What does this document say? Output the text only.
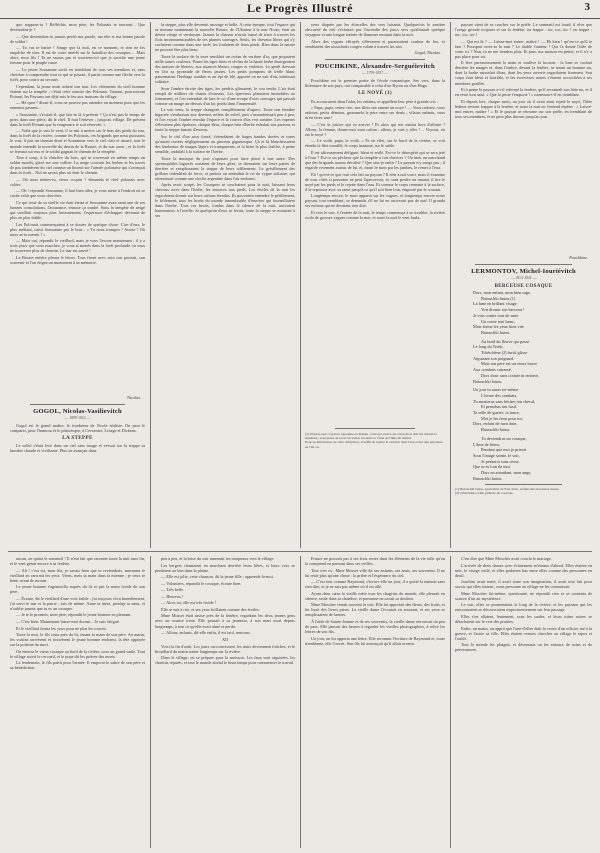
Le Progrès Illustré	3

quo suppose-tu ? Réfléchis, mon père, les Polonais te tuerront... Que deviendrai-je ?

— Que deviendras-tu jamais perdu ma parole, ma tête et ma bonne parole de soldat !

— Tu vas te battre ! Songe que la nuit, en ce moment, et rien ne les empêche de tirer. Il est de votre intérêt sur le bataillon des cosaques… Mais alors, mon fils ! Ta ne sauras pas et souviens-toi que je sacrifie une jeune femme pour le peuple russe.

— Le jeune Sousanine sortit en tremblant de tous ses membres et, sans chercher à comprendre tout ce qui se passait, il partit comme une flèche vers la forêt, pour courir au secours.

Cependant, la jeune avait acheté son tour. Les vêtements du vieil homme étaient sur la tempête ; c'était cette sinistre des Polonais. Tauraut, poursuivant Poirant, les Paysans ont déjà mis le feu aux maisons du village.

— Hé quoi ? disait-il, vous ne pouvez pas attendre un moment pour que les ennemis passent...

« Sousanine, s'écriait-il, que fais-tu là à présent ? Ça n'est pas le temps de prier, dans une pièce, dit le chef. Il faut l'enlever ; jusqu'au village. De présent dans la forêt Poirant que la vengeance te soit réservée. »

— Voilà que je suis le vent, il se mit à mettre sur le bras des pieds du tsar, dans la forêt de la rivière, comme les Polonais, ces brigands que nous puissions le voir, il prit un chemin droit et Sousanine vers le ciel clair et assuré, tout le monde entendit la nouvelle du destin de la Russie, et du tsar aussi ; et la forêt se fermait sur eux et le soldat gagnait le chemin de la tempête.

Tout à coup, à la clairière du bois, qui se traversait en même temps un soldat mordit, glacé sur une colline. La neige couvrait les herbes et les traces de pas tombèrent du ciel comme un linceul sur l'armée polonaise qui s'avançait dans la forêt... Nul ne savait plus où était le chemin.

— Où nous mènes-tu, vieux coquin ? demanda le chef polonais avec colère.

— Oh ! répondit Sousanine, il faut bien aller, je vous mène à l'endroit où se cache celui que vous cherchez.

Ce qui reste de sa vieille vie était éteint et Sousanine avait senti une de ses bonnes consolations, l'assurance, ensuite ça tombé. Sous la tempête de neige qui soufflait toujours plus furieusement, l'espérance d'échapper devenait de plus en plus faible.

Les Polonais commençaient à se douter de quelque chose. L'un d'eux, le plus méfiant, saisit Sousanine par le bras : « Tu nous trompes ! Avoue ! Où nous as-tu menés ? »

— Mais oui, répondit le vieillard, mais je vous l'avoue maintenant : il y a trois jours que vous marchez, je vous ai menés dans la forêt profonde où vous ne trouverez plus de chemin. Le tsar est sauvé !

La Russie entière pleura le héros. Tous firent avec soin son portrait, son souvenir et l'on érigea un monument à sa mémoire.

Nicolas.
GOGOL, Nicolas-Vasilievitch
— 1809-1852 —

Gogol est le grand maître, le fondateur de l'école réaliste. On peut le comparer, pour l'humour et le pittoresque, à Cervantes, Lesage et Dickens.

LA STEPPE

Le soleil s'était levé dans un ciel sans nuage et versait sur la steppe sa lumière chaude et vivifiante. Plus on avançait dans

la steppe, plus elle devenait sauvage et belle. A cette époque, tout l'espace qui se nomme maintenant la nouvelle Russie, de l'Ukraine à la mer Noire, était un désert vierge et verdoyant. Jamais la charrue n'avait laissé de trace à travers les flots incommensurables de ses plantes sauvages. Seuls, les chevaux libres qui s'y cachaient comme dans une forêt, les foulaient de leurs pieds. Rien dans la nature ne pouvait être plus beau.

Toute la surface de la terre semblait un océan de verdure d'or, que piquaient mille autres couleurs. Parmi les tiges fines et sèches de la haute herbe émergeaient des masses de bleuets, aux nuances bleues, rouges et violettes. Le genêt dressait en l'air sa pyramide de fleurs jaunes. Les petits pompons de trèfle blanc parsemaient l'herbage sombre et un épi de blé, apporté on ne sait d'où, mûrissait solitaire.

Sous l'ombre étroite des tiges, les perdrix glissaient, le cou tendu. L'air était rempli de milliers de chants d'oiseaux. Les éperviers planaient immobiles au firmament, et l'on entendait de loin le cri d'une troupe d'oies sauvages qui passait comme un nuage au-dessus d'un lac perdu dans l'immensité.

Le soir venu, la steppe changeait complètement d'aspect. Toute son étendue bigarrée s'embrasait aux derniers reflets du soleil, puis s'assombrissait peu à peu, et l'on voyait l'ombre envahir l'espace et la couvrir d'un vert sombre. Les vapeurs s'élevaient plus épaisses, chaque fleur, chaque brin d'herbe exhalait son parfum, et toute la steppe fumait d'encens.

Sur le ciel d'un azur foncé, s'étendaient de larges bandes dorées et roses qu'aurait tracées négligemment un pinceau gigantesque. Çà et là blanchissaient des lambeaux de nuages légers et transparents, et la brise la plus fraîche, à peine sensible, ondulait à la surface de l'herbe.

Toute la musique du jour s'apaisait pour faire place à une autre. Des spermophiles bigarrés sortaient de leurs gîtes, se dressaient sur leurs pattes de derrière et remplissaient la steppe de leurs sifflements. Le grésillement des grillons redoublait de force, et parfois on entendait le cri du cygne solitaire, qui retentissait comme une cloche argentine dans l'air endormi.

Après avoir soupé, les Cosaques se couchaient pour la nuit, laissant leurs chevaux errer dans l'herbe, les entraves aux pieds. Les étoiles de la nuit les regardaient dormir sur leurs caftans étendus. Ils pouvaient entendre le pétillement, le frôlement, tous les bruits du monde innombrable d'insectes qui fourmillaient dans l'herbe. Tous ces bruits, fondus dans le silence de la nuit, arrivaient harmonieux à l'oreille. Si quelqu'un d'eux se levait, toute la steppe se montrait à ses

yeux diaprée par les étincelles des vers luisants. Quelquefois le sombre obscurité du ciel s'éclairait par l'incendie des joncs secs qu'allumait quelque voyageur et une longue traînée de flammes montait dans la nuit.

Alors des cygnes effrayés s'élevaient et paraissaient couleur de feu, et semblaient des mouchoirs rouges volant à travers les airs.

Gogol, Nicolas.
POUCHKINE, Alexandre-Serguéievitch
— 1799-1837 —

Pouchkine est le premier poète de l'école romantique. Ses vers, dans la littérature de son pays, ont comparable à celui d'un Byron ou d'un Hugo.

LE NOYÉ (1)

Ils accoururent dans l'isba, les enfants, et appellent leur père à grands cris :

« Papa, papa, venez vite, nos filets ont amené un noyé ! — Vous radotez, vous radotez, petits démons, grommela le père entre ses dents ; vilains enfants, vous m'en ferez tant !

— C'est la justice qui va arriver ! Et alors qui me mettra hors d'affaire ? Allons, la femme, donne-moi mon caftan ; allons, je vais y aller !… Voyons, où est le noyé ?

— Le voilà, papa, le voilà. » Et en effet, sur le bord de la rivière, se voit étendu le filet mouillé, le corps inanimé, sur le sable.

Il est affreusement défiguré, bleui et enflé. Est-ce le désespéré qui se sera jeté à l'eau ? Est-ce un pêcheur que la tempête a fait chavirer ? Ou bien un marchand que des brigands auront dévalisé ? Que sais-je enfin ? Le paysan n'y songe pas ; il regarde vivement autour de lui, et, tirant le mort par les jambes, le remet à l'eau.

Eh ! qu'est-ce que tout cela fait au paysan ? Il n'en a nul souci, mais il examine de tous côtés si personne ne peut l'apercevoir, et, sans perdre un instant, il tire le noyé par les pieds et le rejette dans l'eau. Et comme le corps remonte à la surface, il le repousse avec sa rame jusqu'à ce qu'il soit bien loin, emporté par le courant.

Longtemps encore, le mort apparut sur les vagues, et longtemps encore notre paysan, tout tremblant, se demanda s'il ne lui en arriverait pas de mal. Il gronda ses enfants qui ne devaient rien dire.

Et vers le soir, à l'entrée de la nuit, le temps commença à se troubler, la rivière roula de grosses vagues comme la mer, et toute la nuit le vent hurla.

(1) D'après une croyance répandue en Russie, celui qui trouve un corps mort doit lui donner la sépulture, sous peine de recevoir toutes les nuits la visite de l'âme du défunt.
Pour se débarrasser de cette obligation, il suffit de rejeter le cadavre dans l'eau avant que personne ne l'ait vu.

paysan vient de se coucher sur le poêle. Le sommeil est lourd, il rêve que l'orage gronde toujours et sur la fenêtre, on frappe : toc, toc, toc ! on frappe : toc, toc, toc !

— Qui est là ? — Laisse-moi entrer, maître ! — Eh bien ! qu'est-ce qu'il te faut ? Pourquoi erres-tu la nuit ? Le diable t'amène ! Qui t'a donné l'idée de venir ici ? Non, tu ne me tiendras plus. Et puis, ma maison est petite, et il n'y a pas place pour toi.

Il lève paresseusement la main et soulève la lucarne : la lune se cachait derrière les nuages et, dans l'ombre, devant la fenêtre, se tenait un homme nu, dont la barbe ruisselait d'eau, dont les yeux ouverts regardaient fixement. Son corps était bleui et horrible, et les écrevisses noires s'étaient accrochées à ses membres gonflés.

Et à peine le paysan a-t-il refermé la fenêtre, qu'il reconnaît son hôte nu, et il en reste tout saisi. « Que la peste t'emporte ! » murmura-t-il en tremblant.

Et depuis lors, chaque mois, au jour où il avait ainsi rejeté le noyé, l'hôte hideux revient frapper à la fenêtre, et toute la nuit on l'entend répéter : « Laisse-moi entrer, maître ! » Et le paysan se retourne sur son poêle, en tremblant de tous ses membres, et ne peut plus dormir jusqu'au jour.

Pouchkine.
LERMONTOV, Michel-Iouriévitch
— 1814-1841 —
BERCEUSE COSAQUE
Dors, mon enfant, mon bien sage,
Baïouchki baïou (1)
La lune en brillant visage
Voit dormir ton berceau !
Je vais conter tout de suite
Un conte tout beau,
Mais ferme les yeux bien vite
Baïouchki baïou.
Au bord du fleuve qui passe
Le long du Terek,
Tchétchène (2) furtif glisse
Aiguisant son poignard.
Mais ton père est un vieux brave
Aux combats cuirassé,
Dors donc sans crainte ni entrave,
Baïouchki baïou.
Un jour tu auras toi-même
L'heure des combats,
Tu monteras sans hésiter ton cheval,
Et prendras ton fusil.
Ta selle de guerre, ta lance,
Moi je les ferai pour toi,
Dors, enfant de mon âme,
Baïouchki baïou.
Tu deviendras un cosaque,
L'âme de héros,
Pendant que moi je prierai
Sous l'image sainte, le soir,
Je penserai sans cesse,
Que tu es loin de moi.
Dors en attendant, mon ange,
Baïouchki baïou.
(1) Baïouchki baïou, équivalent de Fais dodo, refrain des berceuses russes.
(2) Tchétchène, tribu pillarde du Caucase.

aucun, ne quitta le sommeil ! Il n'eut fait que raconter toute la nuit sans fin, et le vent gémit encore à sa fenêtre.

— Ah ! c'est toi, mon fils, je savais bien que tu reviendrais, murmura le vieillard en ouvrant les yeux. Viens, mets ta main dans la mienne ; je veux te bénir avant de mourir.

Le jeune homme s'agenouilla auprès du lit et prit la main froide de son père.

— Écoute, dit le vieillard d'une voix faible : j'ai toujours vécu honnêtement, j'ai servi le tsar et la patrie ; fais de même. Aime ta mère, protège ta sœur, et n'oublie jamais que tu es un cosaque.

— Je te le promets, mon père, répondit le jeune homme en pleurant.

— C'est bien. Maintenant laisse-moi dormir... Je suis fatigué.

Et le vieillard ferma les yeux pour ne plus les rouvrir.

Toute la nuit, le fils resta près du lit, tenant la main de son père. Au matin, les voisins arrivèrent et trouvèrent le jeune homme endormi, la tête appuyée sur la poitrine du mort.

On enterra le vieux cosaque au bord de la rivière, sous un grand saule. Tout le village suivit le cercueil, et le pope dit les prières des morts.

Le lendemain, le fils partit pour l'armée. Il emporta le sabre de son père et sa bénédiction.

peu à peu, et la brise du soir ramenait les troupeaux vers le village.

Les bergers chantaient en marchant derrière leurs bêtes, et leurs voix se perdaient au loin dans la plaine.

— Elle est jolie, cette chanson, dit la jeune fille ; apprends-la-moi.

— Volontiers, répondit le cosaque, écoute bien.

— Très belle.

— Heureux !

— Alors toi, elle est très froide !

Elle se mit à rire, et ses yeux brillaient comme des étoiles.

Mme Mosset était assise près de la fenêtre, regardant les deux jeunes gens avec un sourire triste. Elle pensait à sa jeunesse, à son mari mort depuis longtemps, à tout ce qu'elle avait aimé et perdu.

— Allons, enfants, dit-elle enfin, il est tard, rentrons.

XII

Voici la fin d'août. Les jours raccourcissent, les nuits deviennent fraîches, et le brouillard du matin traîne longtemps sur la rivière.

Dans le village, on se prépare pour la moisson. Les faux sont aiguisées, les chariots réparés, et tout le monde attend le beau temps pour commencer le travail.

France ne pouvait pas à ses frais rester dans les éléments de la vie telle qu'on la comprend en pensant dans ses veilles.

Tout s'en va : Mme Mosset ville dit ses enfants, ses amis, ses souvenirs. Il ne lui reste plus qu'une chose : la prière et l'espérance du ciel.

— C'est tout comme Raymond, s'écria-t-elle un jour, il a quitté la maison sans rien dire, et je ne sais pas même où il est allé.

Ayant dans cœur la vieille mère tous les chagrins du monde, elle pleurait en silence, seule dans sa chambre, et personne ne savait sa douleur.

Mme Moscher venait souvent la voir. Elle lui apportait des fleurs, des fruits, et lui lisait des livres pieux. La vieille dame l'écoutait en souriant, et ses yeux se remplissaient de larmes.

À l'aide de Sainte-Jeanne et de ses souvenirs, la vieille dame retrouvait un peu de paix. Elle passait des heures à regarder les vieilles photographies, à relire les lettres de son fils.

Un jour, on lui apporta une lettre. Elle reconnut l'écriture de Raymond et, toute tremblante, elle l'ouvrit. Son fils lui annonçait qu'il allait revenir.

C'est dire que Mme Moscher avait conclu le mariage.

L'arrivée de deux dames avec éclatement m'étonna d'abord. Elles étaient en noir, le visage voilé, et elles parlaient bas entre elles comme des personnes en deuil.

Joachim avait tenté, il avait toute son imagination, il avait tout fait pour savoir qui elles étaient ; mais personne au village ne les connaissait.

Mme Moscher lui-même, questionné, ne répondit rien et se contenta de sourire d'un air mystérieux.

Le soir, elles se promenaient le long de la rivière, et les paysans qui les rencontraient se découvraient respectueusement sur leur passage.

Elles s'en allaient, lentement, sous les saules, et leurs robes noires se détachaient sur le vert des prairies.

Enfin, un matin, on apprit que l'une d'elles était la veuve d'un officier tué à la guerre, et l'autre sa fille. Elles étaient venues chercher au village le repos et l'oubli.

Tout le monde les plaignit, et désormais on les entoura de soins et de prévenances.
